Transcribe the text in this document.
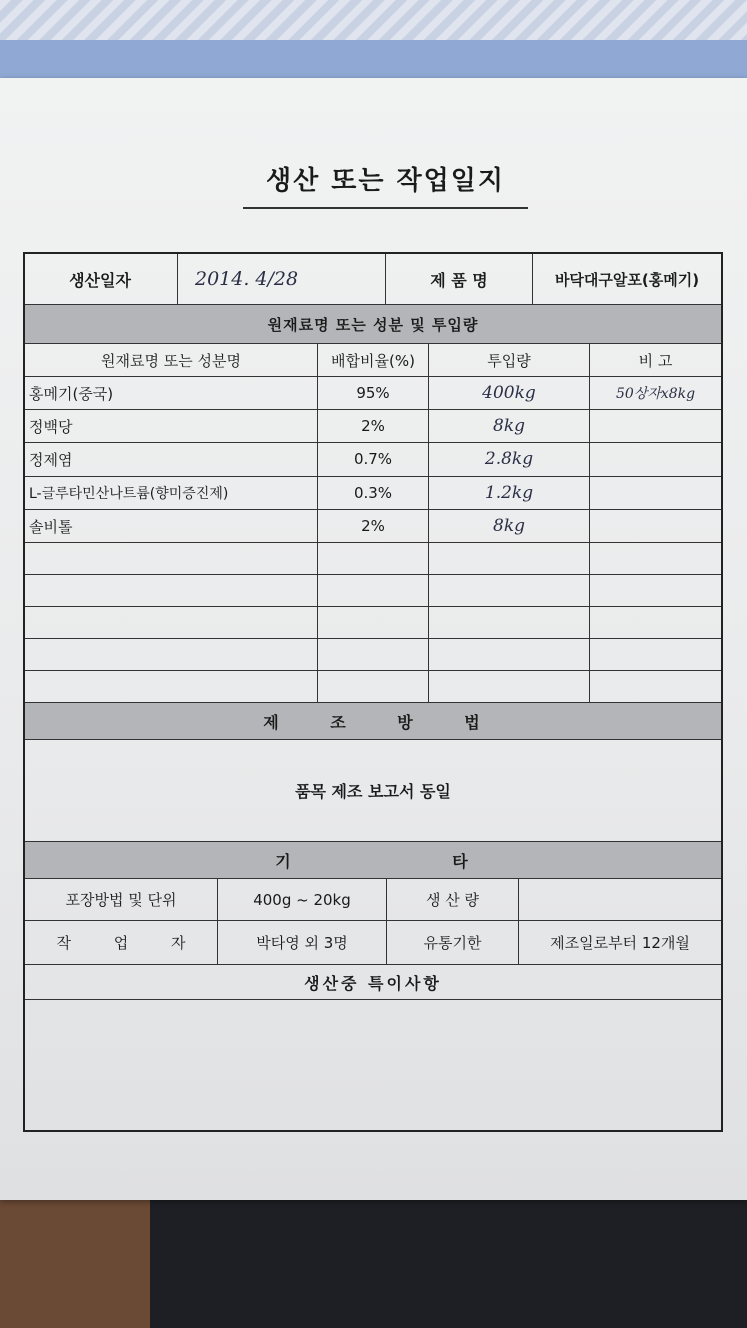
생산 또는 작업일지
생산일자	2014. 4/28	제 품 명	바닥대구알포(홍메기)
원재료명 또는 성분 및 투입량
원재료명 또는 성분명	배합비율(%)	투입량	비 고
홍메기(중국)	95%	400kg	50상자x8kg
정백당	2%	8kg
정제염	0.7%	2.8kg
L-글루타민산나트륨(향미증진제)	0.3%	1.2kg
솔비톨	2%	8kg
제 조 방 법
품목 제조 보고서 동일
기 타
포장방법 및 단위	400g ~ 20kg	생 산 량
작 업 자	박타영 외 3명	유통기한	제조일로부터 12개월
생산중 특이사항
